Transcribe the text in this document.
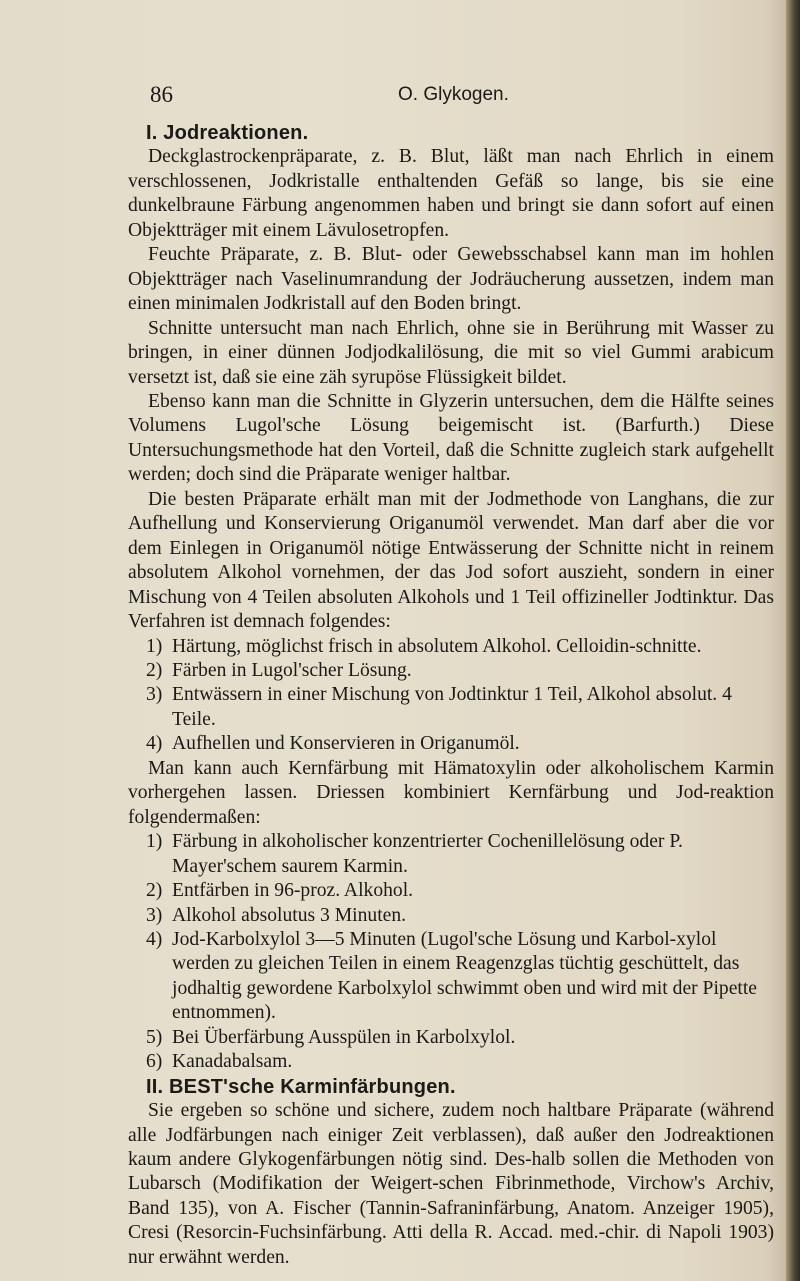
86	O. Glykogen.
I. Jodreaktionen.

Deckglastrockenpräparate, z. B. Blut, läßt man nach Ehrlich in einem verschlossenen, Jodkristalle enthaltenden Gefäß so lange, bis sie eine dunkelbraune Färbung angenommen haben und bringt sie dann sofort auf einen Objektträger mit einem Lävulosetropfen.

Feuchte Präparate, z. B. Blut- oder Gewebsschabsel kann man im hohlen Objektträger nach Vaselinumrandung der Jodräucherung aussetzen, indem man einen minimalen Jodkristall auf den Boden bringt.

Schnitte untersucht man nach Ehrlich, ohne sie in Berührung mit Wasser zu bringen, in einer dünnen Jodjodkalilösung, die mit so viel Gummi arabicum versetzt ist, daß sie eine zäh syrupöse Flüssigkeit bildet.

Ebenso kann man die Schnitte in Glyzerin untersuchen, dem die Hälfte seines Volumens Lugol'sche Lösung beigemischt ist. (Barfurth.) Diese Untersuchungsmethode hat den Vorteil, daß die Schnitte zugleich stark aufgehellt werden; doch sind die Präparate weniger haltbar.

Die besten Präparate erhält man mit der Jodmethode von Langhans, die zur Aufhellung und Konservierung Origanumöl verwendet. Man darf aber die vor dem Einlegen in Origanumöl nötige Entwässerung der Schnitte nicht in reinem absolutem Alkohol vornehmen, der das Jod sofort auszieht, sondern in einer Mischung von 4 Teilen absoluten Alkohols und 1 Teil offizineller Jodtinktur. Das Verfahren ist demnach folgendes:

1) Härtung, möglichst frisch in absolutem Alkohol. Celloidin-schnitte.
2) Färben in Lugol'scher Lösung.
3) Entwässern in einer Mischung von Jodtinktur 1 Teil, Alkohol absolut. 4 Teile.
4) Aufhellen und Konservieren in Origanumöl.

Man kann auch Kernfärbung mit Hämatoxylin oder alkoholischem Karmin vorhergehen lassen. Driessen kombiniert Kernfärbung und Jod-reaktion folgendermaßen:

1) Färbung in alkoholischer konzentrierter Cochenillelösung oder P. Mayer'schem saurem Karmin.
2) Entfärben in 96-proz. Alkohol.
3) Alkohol absolutus 3 Minuten.
4) Jod-Karbolxylol 3—5 Minuten (Lugol'sche Lösung und Karbol-xylol werden zu gleichen Teilen in einem Reagenzglas tüchtig geschüttelt, das jodhaltig gewordene Karbolxylol schwimmt oben und wird mit der Pipette entnommen).
5) Bei Überfärbung Ausspülen in Karbolxylol.
6) Kanadabalsam.
II. BEST'sche Karminfärbungen.

Sie ergeben so schöne und sichere, zudem noch haltbare Präparate (während alle Jodfärbungen nach einiger Zeit verblassen), daß außer den Jodreaktionen kaum andere Glykogenfärbungen nötig sind. Des-halb sollen die Methoden von Lubarsch (Modifikation der Weigert-schen Fibrinmethode, Virchow's Archiv, Band 135), von A. Fischer (Tannin-Safraninfärbung, Anatom. Anzeiger 1905), Cresi (Resorcin-Fuchsinfärbung. Atti della R. Accad. med.-chir. di Napoli 1903) nur erwähnt werden.
